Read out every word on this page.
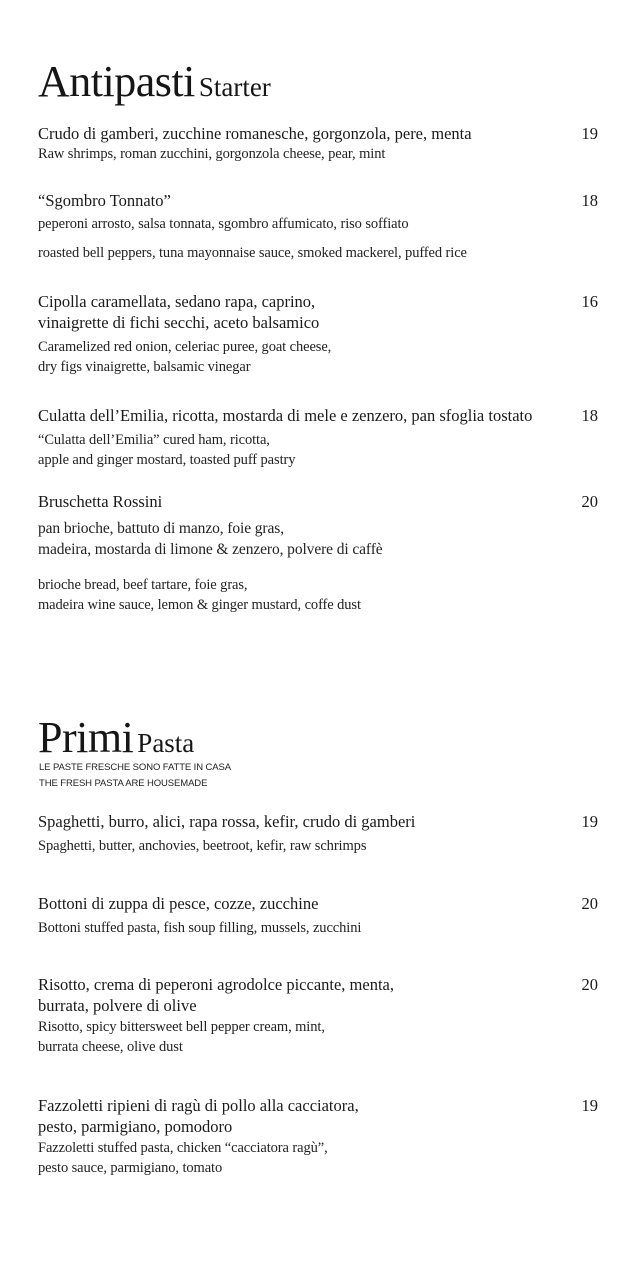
Antipasti Starter
Crudo di gamberi, zucchine romanesche, gorgonzola, pere, menta
Raw shrimps, roman zucchini, gorgonzola cheese, pear, mint
19
“Sgombro Tonnato”
peperoni arrosto, salsa tonnata, sgombro affumicato, riso soffiato
roasted bell peppers, tuna mayonnaise sauce, smoked mackerel, puffed rice
18
Cipolla caramellata, sedano rapa, caprino,
vinaigrette di fichi secchi, aceto balsamico
Caramelized red onion, celeriac puree, goat cheese,
dry figs vinaigrette, balsamic vinegar
16
Culatta dell’Emilia, ricotta, mostarda di mele e zenzero, pan sfoglia tostato
“Culatta dell’Emilia” cured ham, ricotta,
apple and ginger mostard, toasted puff pastry
18
Bruschetta Rossini
pan brioche, battuto di manzo, foie gras,
madeira, mostarda di limone & zenzero, polvere di caffè
brioche bread, beef tartare, foie gras,
madeira wine sauce, lemon & ginger mustard, coffe dust
20
Primi Pasta
LE PASTE FRESCHE SONO FATTE IN CASA
THE FRESH PASTA ARE HOUSEMADE
Spaghetti, burro, alici, rapa rossa, kefir, crudo di gamberi
Spaghetti, butter, anchovies, beetroot, kefir, raw schrimps
19
Bottoni di zuppa di pesce, cozze, zucchine
Bottoni stuffed pasta, fish soup filling, mussels, zucchini
20
Risotto, crema di peperoni agrodolce piccante, menta,
burrata, polvere di olive
Risotto, spicy bittersweet bell pepper cream, mint,
burrata cheese, olive dust
20
Fazzoletti ripieni di ragù di pollo alla cacciatora,
pesto, parmigiano, pomodoro
Fazzoletti stuffed pasta, chicken “cacciatora ragù”,
pesto sauce, parmigiano, tomato
19
